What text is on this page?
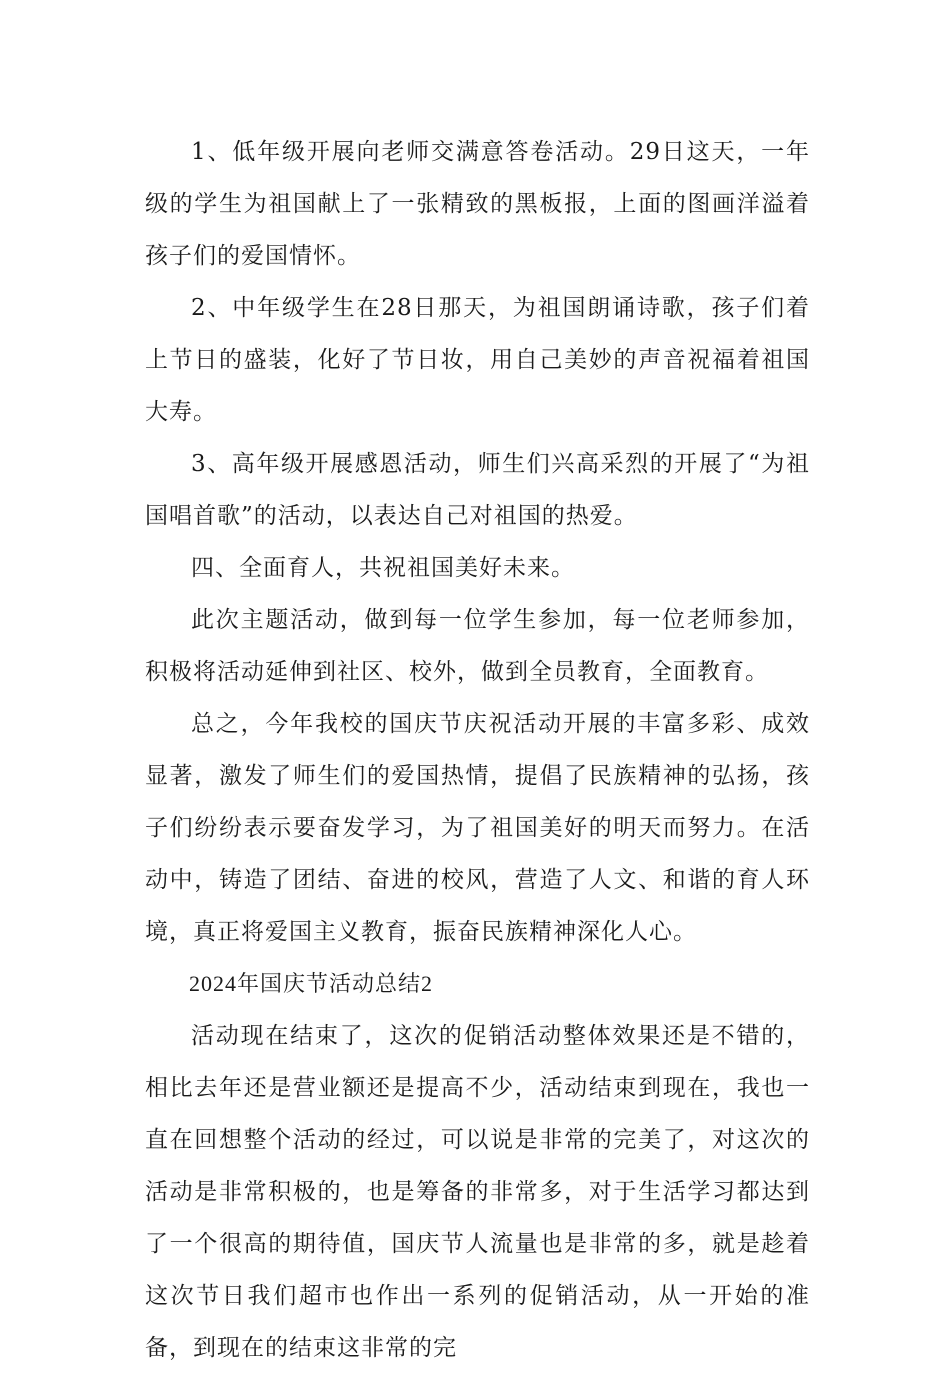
1、低年级开展向老师交满意答卷活动。29日这天，一年级的学生为祖国献上了一张精致的黑板报，上面的图画洋溢着孩子们的爱国情怀。

2、中年级学生在28日那天，为祖国朗诵诗歌，孩子们着上节日的盛装，化好了节日妆，用自己美妙的声音祝福着祖国大寿。

3、高年级开展感恩活动，师生们兴高采烈的开展了“为祖国唱首歌”的活动，以表达自己对祖国的热爱。

四、全面育人，共祝祖国美好未来。

此次主题活动，做到每一位学生参加，每一位老师参加，积极将活动延伸到社区、校外，做到全员教育，全面教育。

总之，今年我校的国庆节庆祝活动开展的丰富多彩、成效显著，激发了师生们的爱国热情，提倡了民族精神的弘扬，孩子们纷纷表示要奋发学习，为了祖国美好的明天而努力。在活动中，铸造了团结、奋进的校风，营造了人文、和谐的育人环境，真正将爱国主义教育，振奋民族精神深化人心。

2024年国庆节活动总结2

活动现在结束了，这次的促销活动整体效果还是不错的，相比去年还是营业额还是提高不少，活动结束到现在，我也一直在回想整个活动的经过，可以说是非常的完美了，对这次的活动是非常积极的，也是筹备的非常多，对于生活学习都达到了一个很高的期待值，国庆节人流量也是非常的多，就是趁着这次节日我们超市也作出一系列的促销活动，从一开始的准备，到现在的结束这非常的完
